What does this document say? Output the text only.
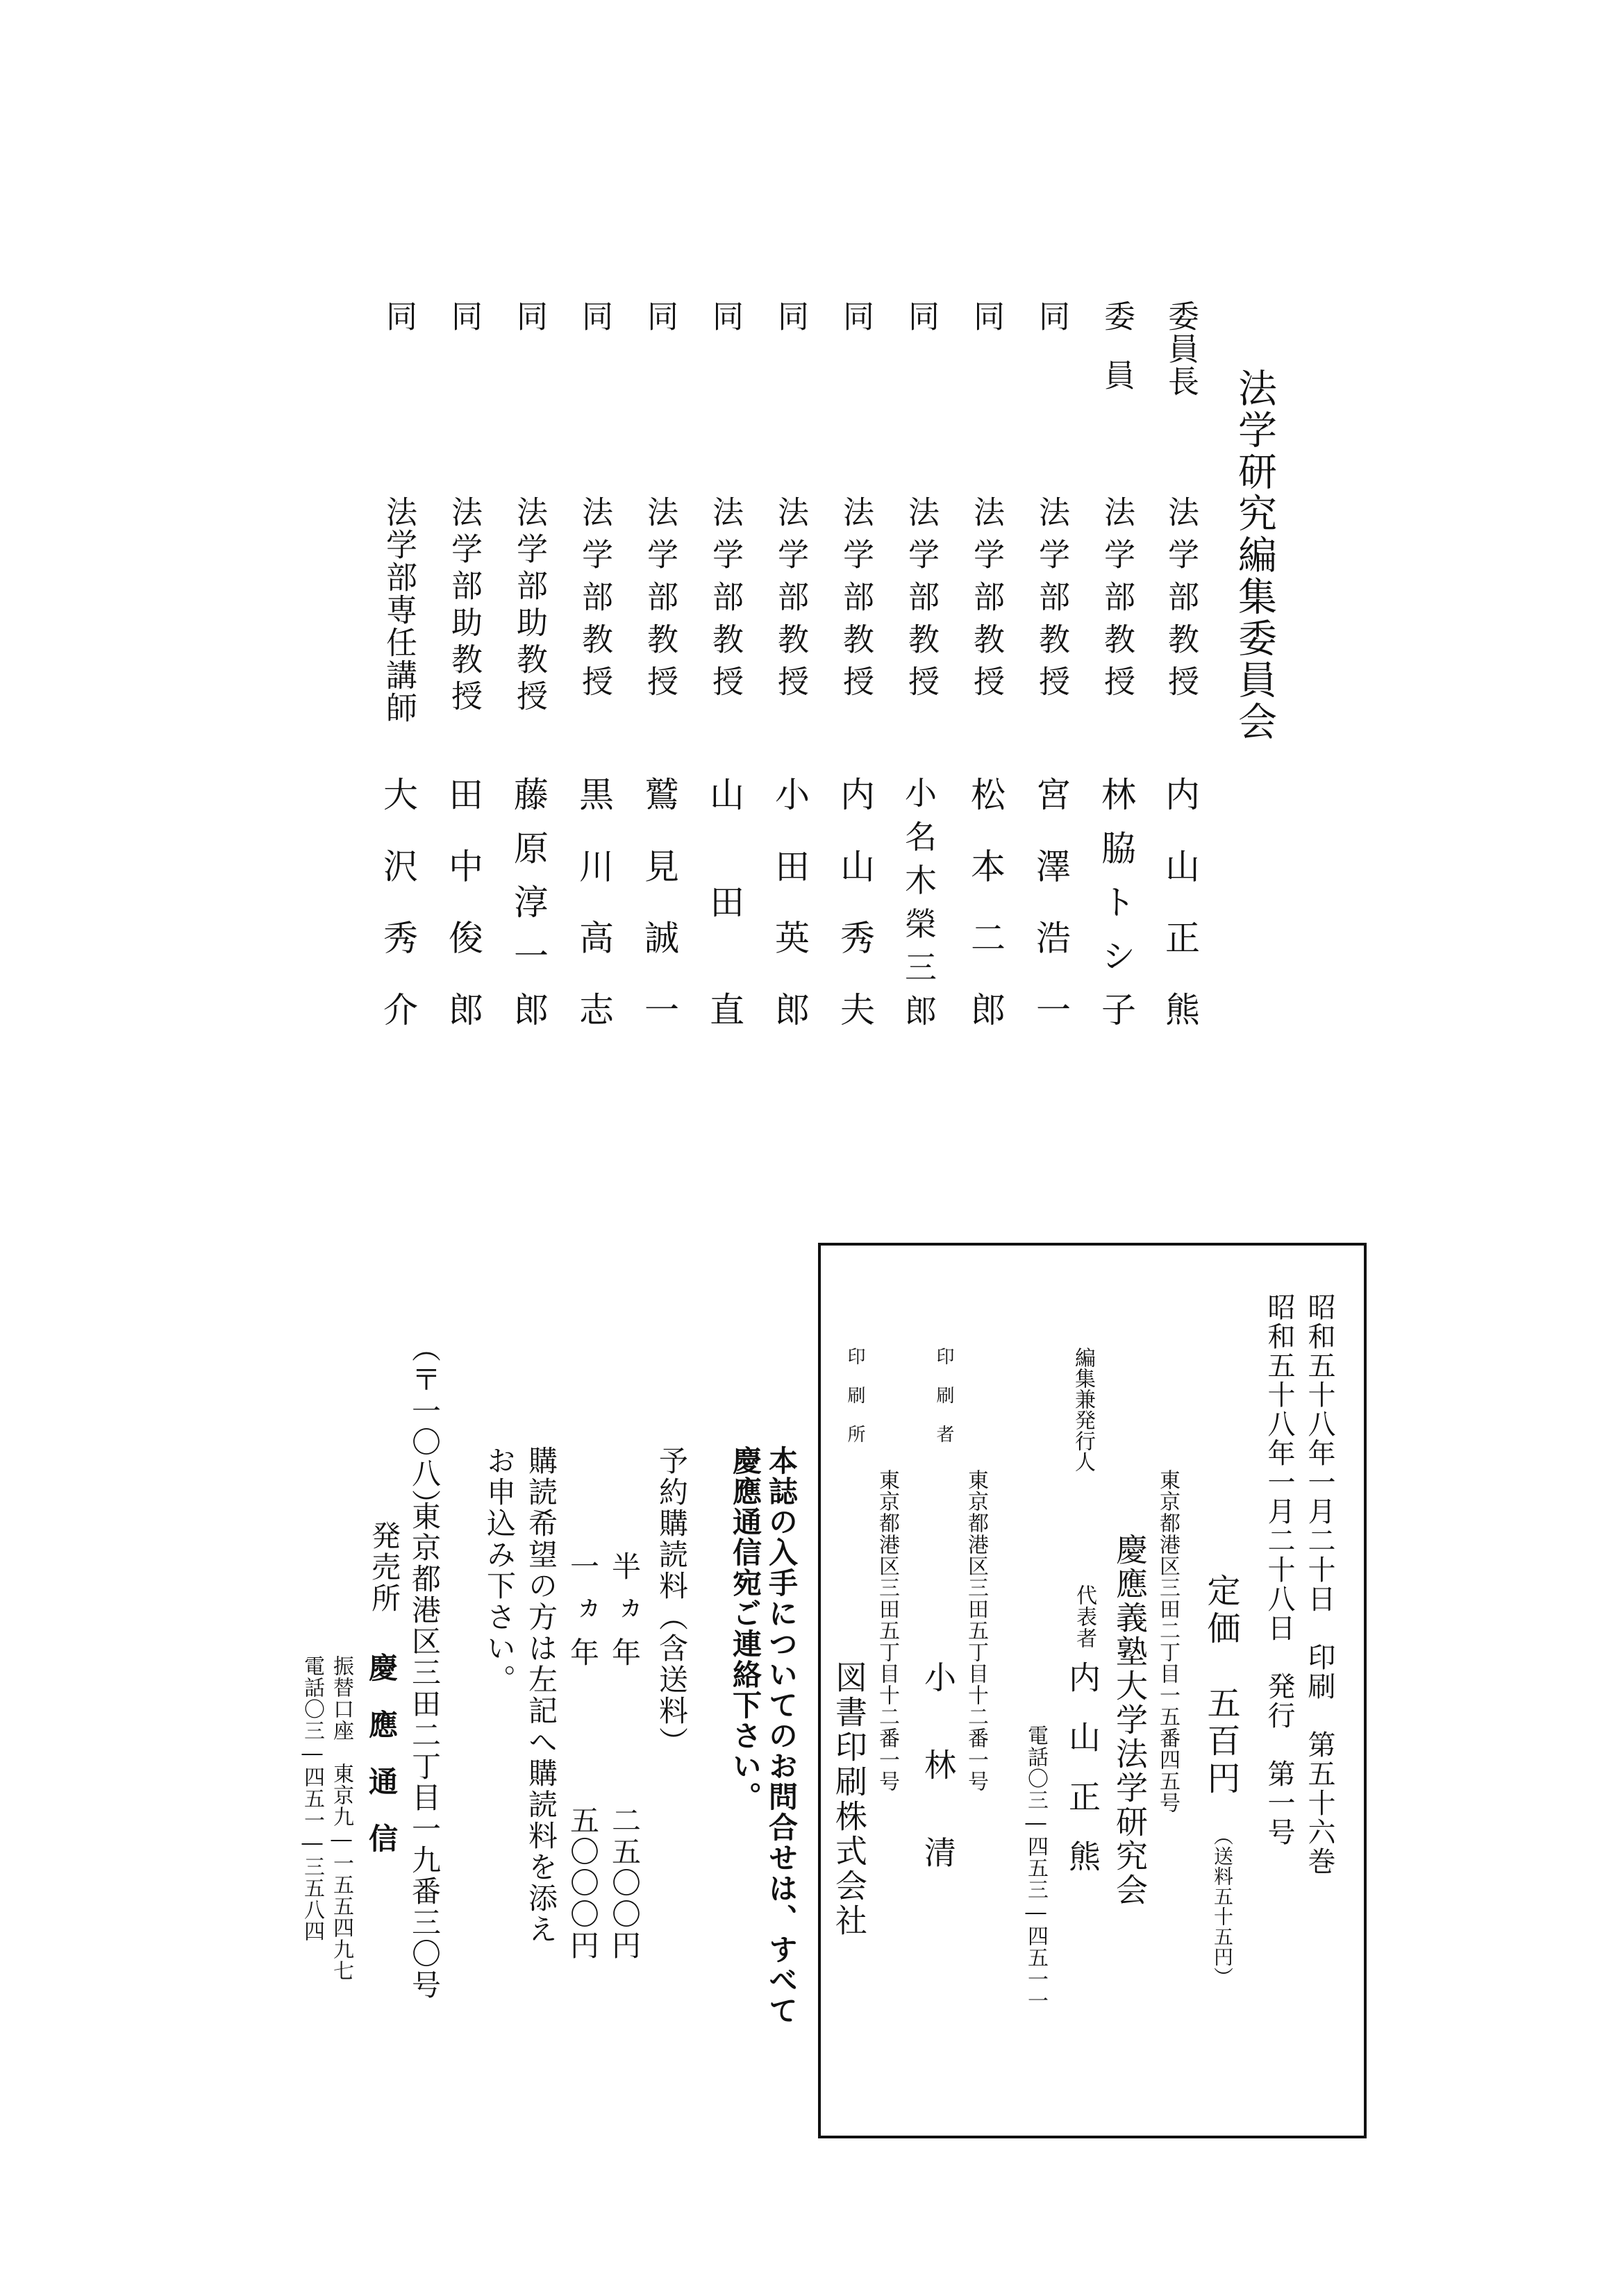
法学研究編集委員会
委員長
法学部教授
内山正熊
委員
法学部教授
林脇トシ子
同
法学部教授
宮澤浩一
同
法学部教授
松本二郎
同
法学部教授
小名木榮三郎
同
法学部教授
内山秀夫
同
法学部教授
小田英郎
同
法学部教授
山田直
同
法学部教授
鷲見誠一
同
法学部教授
黒川高志
同
法学部助教授
藤原淳一郎
同
法学部助教授
田中俊郎
同
法学部専任講師
大沢秀介
昭和五十八年一月二十日　印刷　第五十六巻
昭和五十八年一月二十八日　発行　第一号
定価　五百円
（送料五十五円）
東京都港区三田二丁目一五番四五号
慶應義塾大学法学研究会
編集兼発行人
代表者
内山正熊
電話〇三―四五三―四五一一
印刷者
東京都港区三田五丁目十二番一号
小林清
印刷所
東京都港区三田五丁目十二番一号
図書印刷株式会社
本誌の入手についてのお問合せは、すべて
慶應通信宛ご連絡下さい。
予約購読料（含送料）
半ヵ年
二五〇〇円
一ヵ年
五〇〇〇円
購読希望の方は左記へ購読料を添え
お申込み下さい。
（〒一〇八）
東京都港区三田二丁目一九番三〇号
発売所
慶應通信
振替口座　東京九―一五五四九七
電話〇三―四五一―三五八四
